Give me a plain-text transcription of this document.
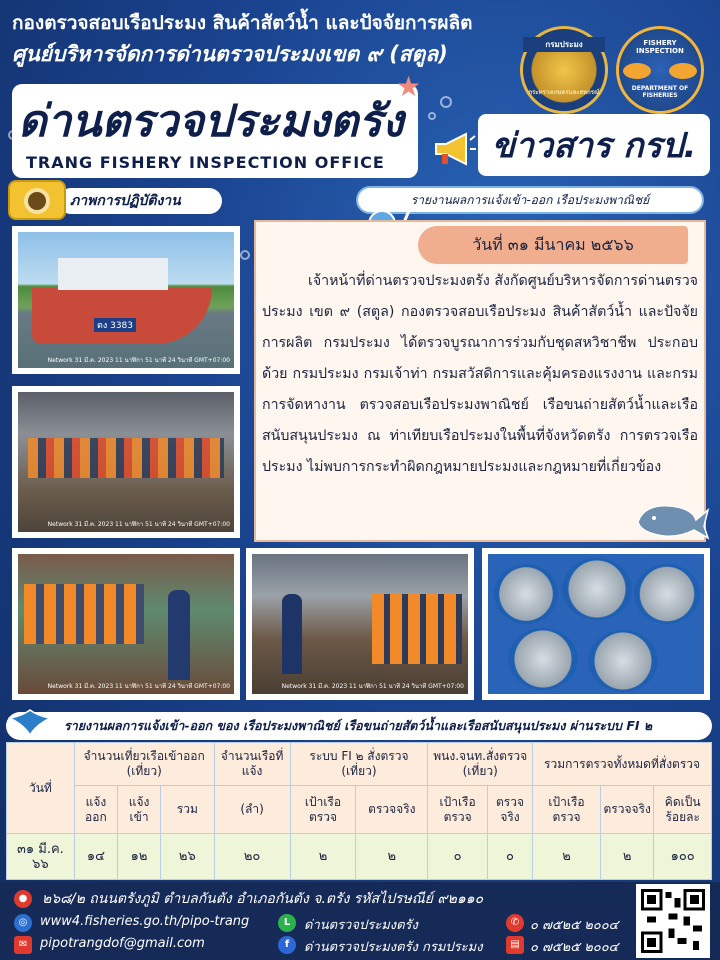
กองตรวจสอบเรือประมง สินค้าสัตว์น้ำ และปัจจัยการผลิต
ศูนย์บริหารจัดการด่านตรวจประมงเขต ๙ (สตูล)	กรมประมง
กระทรวงเกษตรและสหกรณ์
FISHERY INSPECTION
DEPARTMENT OF FISHERIES
ด่านตรวจประมงตรัง
TRANG FISHERY INSPECTION OFFICE
★
ข่าวสาร กรป.
ภาพการปฏิบัติงาน	รายงานผลการแจ้งเข้า-ออก เรือประมงพาณิชย์
ตง 3383
Network 31 มี.ค. 2023 11 นาฬิกา 51 นาที 24 วินาที GMT+07:00
Network 31 มี.ค. 2023 11 นาฬิกา 51 นาที 24 วินาที GMT+07:00
Network 31 มี.ค. 2023 11 นาฬิกา 51 นาที 24 วินาที GMT+07:00	Network 31 มี.ค. 2023 11 นาฬิกา 51 นาที 24 วินาที GMT+07:00
วันที่ ๓๑ มีนาคม ๒๕๖๖
เจ้าหน้าที่ด่านตรวจประมงตรัง สังกัดศูนย์บริหารจัดการด่านตรวจประมง เขต ๙ (สตูล) กองตรวจสอบเรือประมง สินค้าสัตว์น้ำ และปัจจัยการผลิต กรมประมง ได้ตรวจบูรณาการร่วมกับชุดสหวิชาชีพ ประกอบด้วย กรมประมง กรมเจ้าท่า กรมสวัสดิการและคุ้มครองแรงงาน และกรมการจัดหางาน ตรวจสอบเรือประมงพาณิชย์ เรือขนถ่ายสัตว์น้ำและเรือสนับสนุนประมง ณ ท่าเทียบเรือประมงในพื้นที่จังหวัดตรัง การตรวจเรือประมง ไม่พบการกระทำผิดกฎหมายประมงและกฎหมายที่เกี่ยวข้อง
รายงานผลการแจ้งเข้า-ออก ของ เรือประมงพาณิชย์ เรือขนถ่ายสัตว์น้ำและเรือสนับสนุนประมง ผ่านระบบ FI ๒
วันที่	จำนวนเที่ยวเรือเข้าออก (เที่ยว)			จำนวนเรือที่แจ้ง	ระบบ FI ๒ สั่งตรวจ (เที่ยว)		พนง.จนท.สั่งตรวจ (เที่ยว)		รวมการตรวจทั้งหมดที่สั่งตรวจ		
	แจ้งออก	แจ้งเข้า	รวม	(ลำ)	เป้าเรือตรวจ	ตรวจจริง	เป้าเรือตรวจ	ตรวจจริง	เป้าเรือตรวจ	ตรวจจริง	คิดเป็นร้อยละ
๓๑ มี.ค. ๖๖	๑๔	๑๒	๒๖	๒๐	๒	๒	๐	๐	๒	๒	๑๐๐
●	๒๖๘/๒ ถนนตรังภูมิ ตำบลกันตัง อำเภอกันตัง จ.ตรัง รหัสไปรษณีย์ ๙๒๑๑๐
◎ www4.fisheries.go.th/pipo-trang
✉ pipotrangdof@gmail.com
L	ด่านตรวจประมงตรัง
f	ด่านตรวจประมงตรัง กรมประมง
✆ ๐ ๗๕๒๕ ๒๐๐๔
▤ ๐ ๗๕๒๕ ๒๐๐๔
